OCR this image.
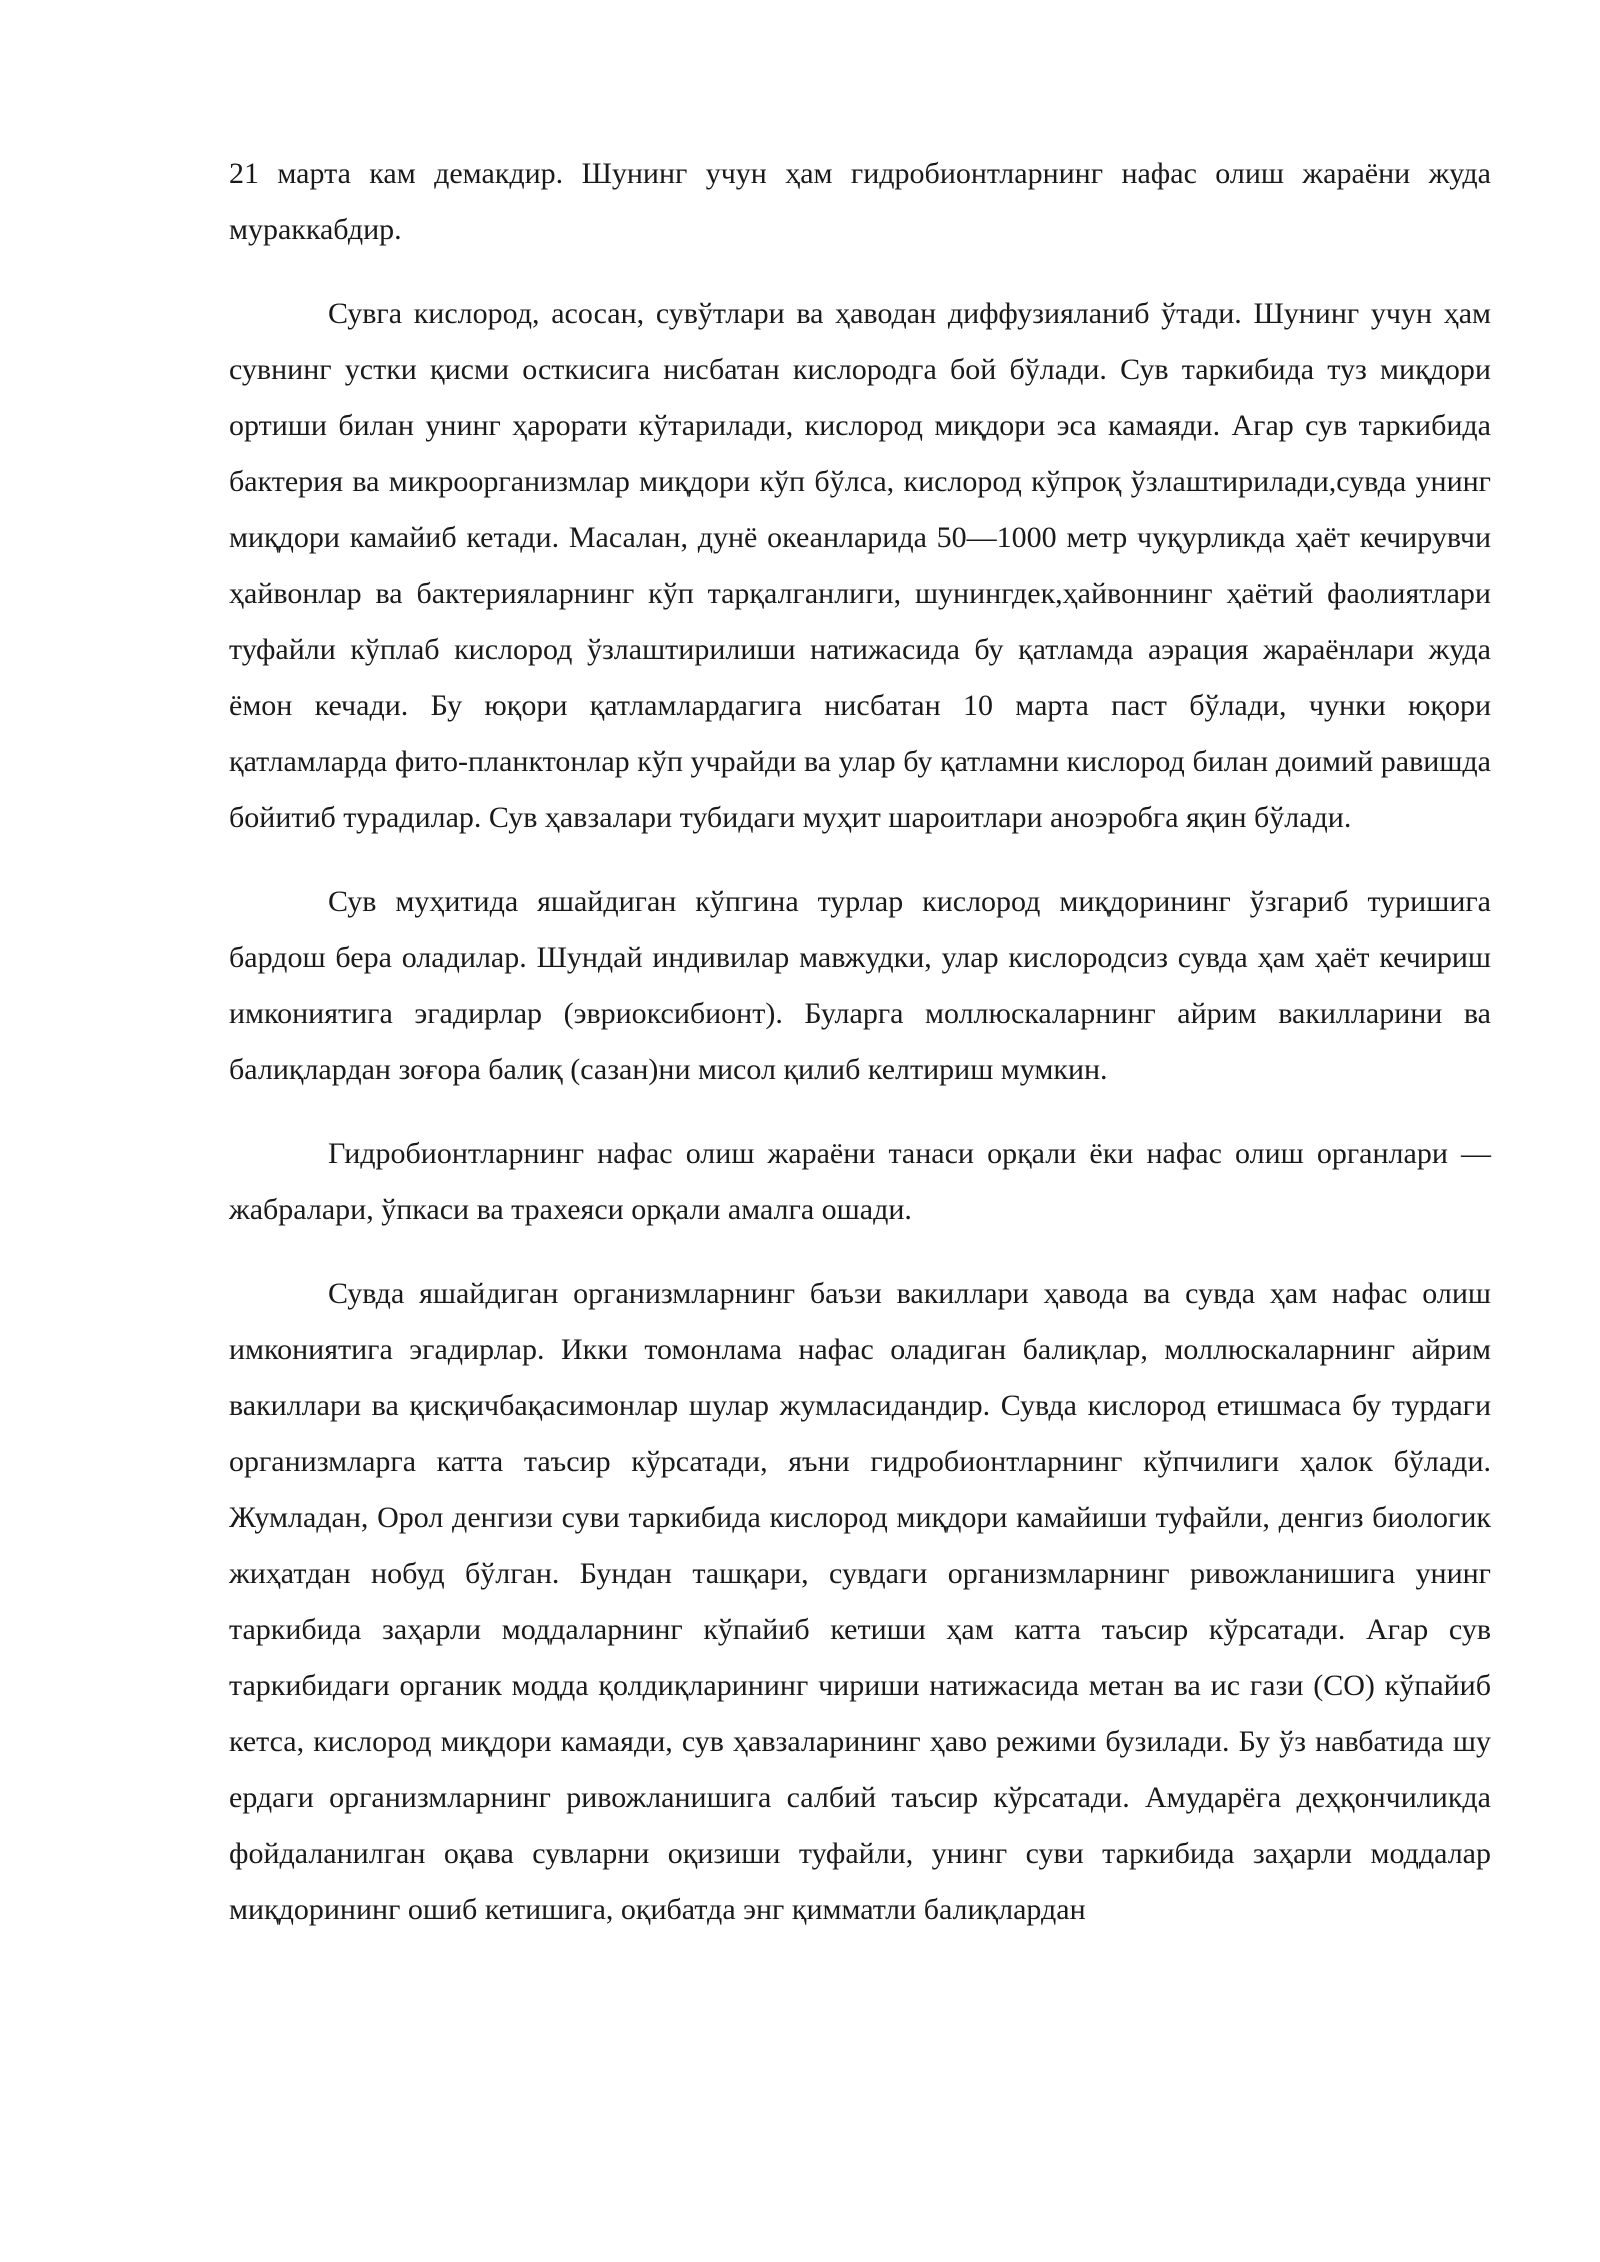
21 марта кам демакдир. Шунинг учун ҳам гидробионтларнинг нафас олиш жараёни жуда мураккабдир.

Сувга кислород, асосан, сувўтлари ва ҳаводан диффузияланиб ўтади. Шунинг учун ҳам сувнинг устки қисми осткисига нисбатан кислородга бой бўлади. Сув таркибида туз миқдори ортиши билан унинг ҳарорати кўтарилади, кислород миқдори эса камаяди. Агар сув таркибида бактерия ва микроорганизмлар миқдори кўп бўлса, кислород кўпроқ ўзлаштирилади,сувда унинг миқдори камайиб кетади. Масалан, дунё океанларида 50—1000 метр чуқурликда ҳаёт кечирувчи ҳайвонлар ва бактерияларнинг кўп тарқалганлиги, шунингдек,ҳайвоннинг ҳаётий фаолиятлари туфайли кўплаб кислород ўзлаштирилиши натижасида бу қатламда аэрация жараёнлари жуда ёмон кечади. Бу юқори қатламлардагига нисбатан 10 марта паст бўлади, чунки юқори қатламларда фито-планктонлар кўп учрайди ва улар бу қатламни кислород билан доимий равишда бойитиб турадилар. Сув ҳавзалари тубидаги муҳит шароитлари аноэробга яқин бўлади.

Сув муҳитида яшайдиган кўпгина турлар кислород миқдорининг ўзгариб туришига бардош бера оладилар. Шундай индивилар мавжудки, улар кислородсиз сувда ҳам ҳаёт кечириш имкониятига эгадирлар (эвриоксибионт). Буларга моллюскаларнинг айрим вакилларини ва балиқлардан зоғора балиқ (сазан)ни мисол қилиб келтириш мумкин.

Гидробионтларнинг нафас олиш жараёни танаси орқали ёки нафас олиш органлари — жабралари, ўпкаси ва трахеяси орқали амалга ошади.

Сувда яшайдиган организмларнинг баъзи вакиллари ҳавода ва сувда ҳам нафас олиш имкониятига эгадирлар. Икки томонлама нафас оладиган балиқлар, моллюскаларнинг айрим вакиллари ва қисқичбақасимонлар шулар жумласидандир. Сувда кислород етишмаса бу турдаги организмларга катта таъсир кўрсатади, яъни гидробионтларнинг кўпчилиги ҳалок бўлади. Жумладан, Орол денгизи суви таркибида кислород миқдори камайиши туфайли, денгиз биологик жиҳатдан нобуд бўлган. Бундан ташқари, сувдаги организмларнинг ривожланишига унинг таркибида заҳарли моддаларнинг кўпайиб кетиши ҳам катта таъсир кўрсатади. Агар сув таркибидаги органик модда қолдиқларининг чириши натижасида метан ва ис гази (СО) кўпайиб кетса, кислород миқдори камаяди, сув ҳавзаларининг ҳаво режими бузилади. Бу ўз навбатида шу ердаги организмларнинг ривожланишига салбий таъсир кўрсатади. Амударёга деҳқончиликда фойдаланилган оқава сувларни оқизиши туфайли, унинг суви таркибида заҳарли моддалар миқдорининг ошиб кетишига, оқибатда энг қимматли балиқлардан
